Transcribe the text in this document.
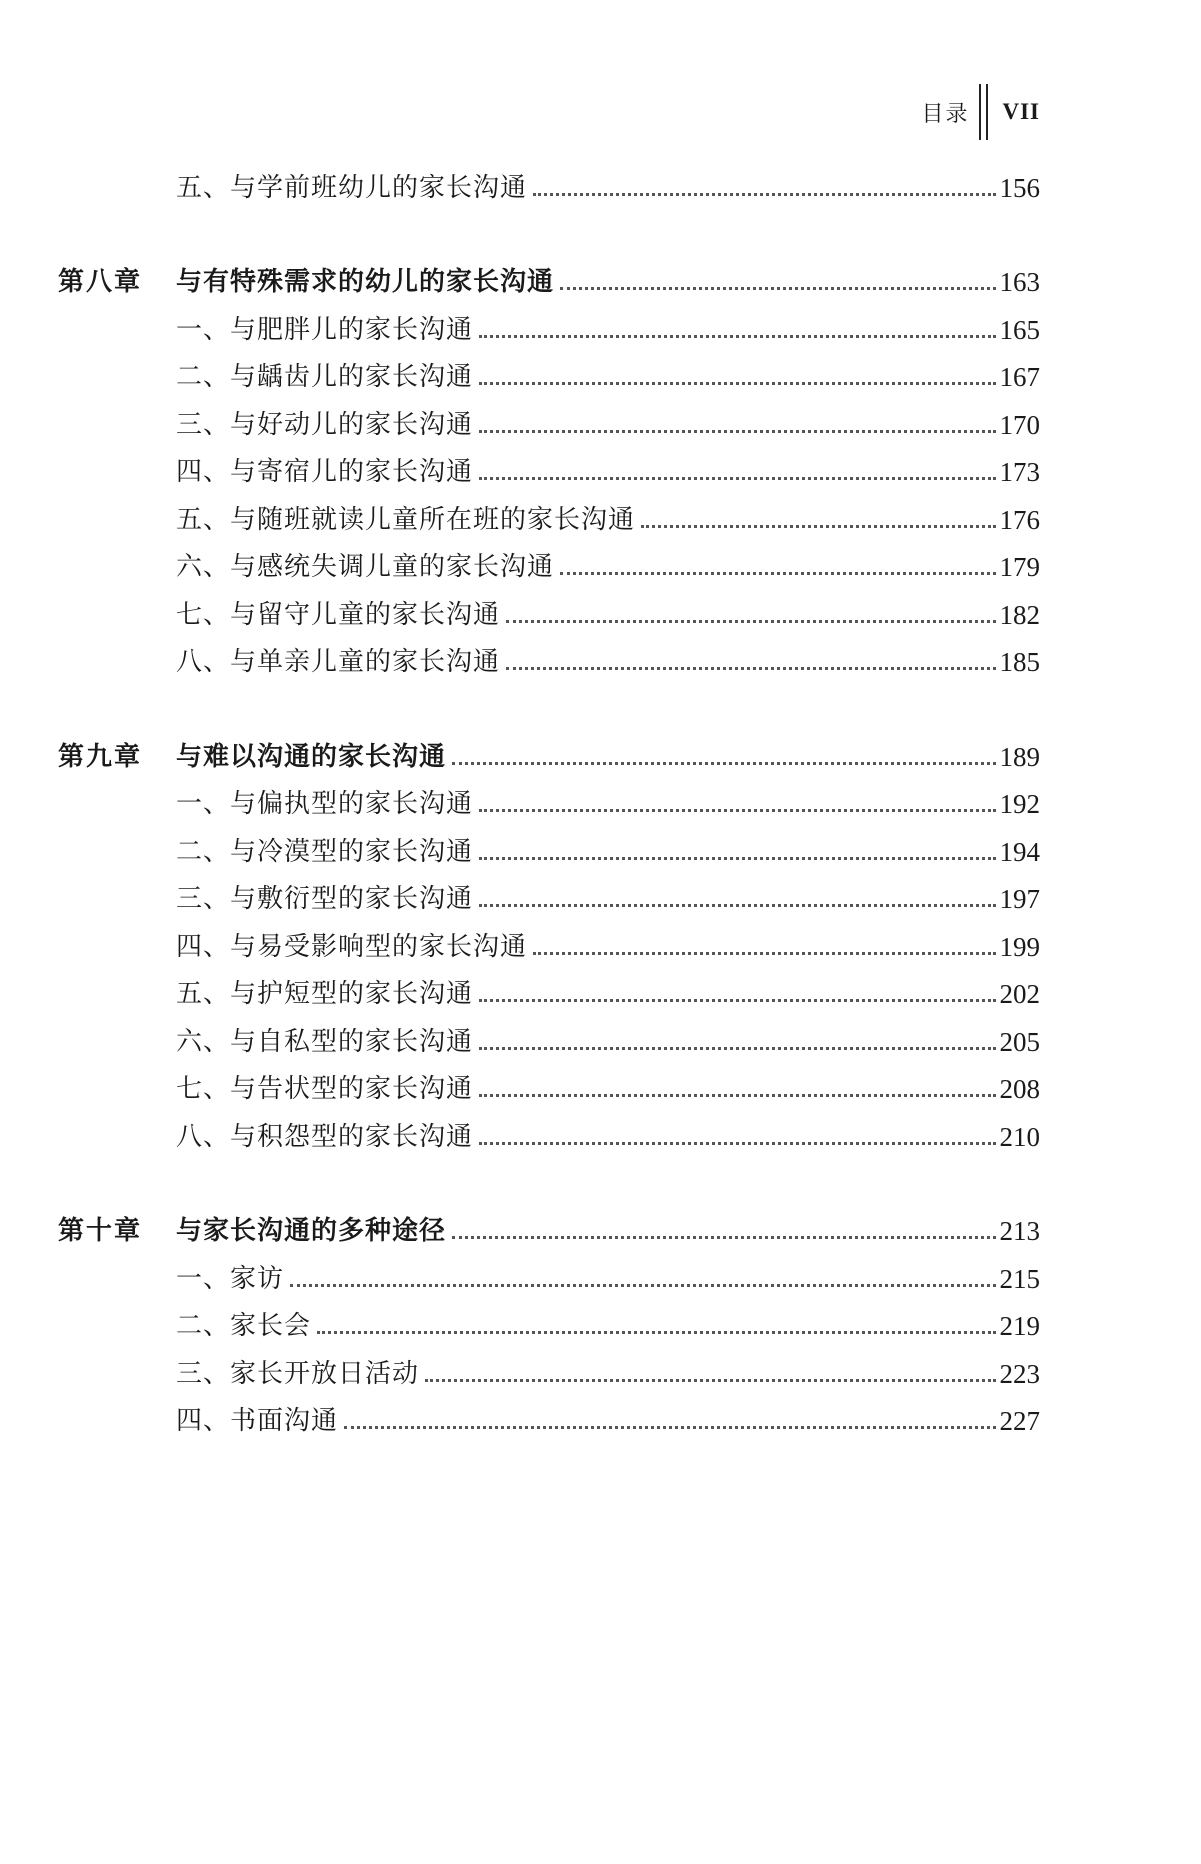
目录 VII
五、与学前班幼儿的家长沟通	156
第八章	与有特殊需求的幼儿的家长沟通	163
一、与肥胖儿的家长沟通	165
二、与龋齿儿的家长沟通	167
三、与好动儿的家长沟通	170
四、与寄宿儿的家长沟通	173
五、与随班就读儿童所在班的家长沟通	176
六、与感统失调儿童的家长沟通	179
七、与留守儿童的家长沟通	182
八、与单亲儿童的家长沟通	185
第九章	与难以沟通的家长沟通	189
一、与偏执型的家长沟通	192
二、与冷漠型的家长沟通	194
三、与敷衍型的家长沟通	197
四、与易受影响型的家长沟通	199
五、与护短型的家长沟通	202
六、与自私型的家长沟通	205
七、与告状型的家长沟通	208
八、与积怨型的家长沟通	210
第十章	与家长沟通的多种途径	213
一、家访	215
二、家长会	219
三、家长开放日活动	223
四、书面沟通	227
